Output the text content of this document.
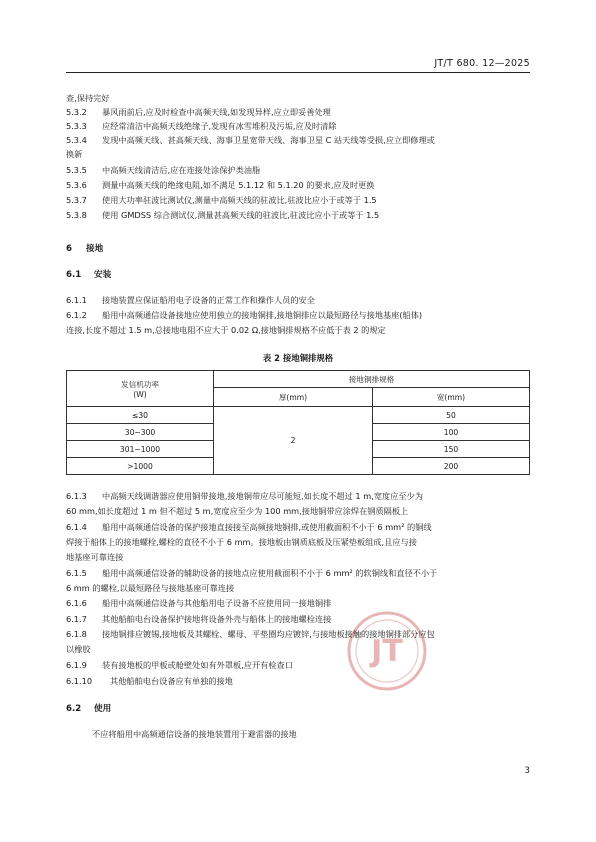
JT/T 680. 12—2025
查,保持完好
5.3.2 暴风雨前后,应及时检查中高频天线,如发现异样,应立即妥善处理
5.3.3 应经常清洁中高频天线绝缘子,发现有冰雪堆积及污垢,应及时清除
5.3.4 发现中高频天线、甚高频天线、海事卫星宽带天线、海事卫星 C 站天线等受损,应立即修理或
换新
5.3.5 中高频天线清洁后,应在连接处涂保护类油脂
5.3.6 测量中高频天线的绝缘电阻,如不满足 5.1.12 和 5.1.20 的要求,应及时更换
5.3.7 使用大功率驻波比测试仪,测量中高频天线的驻波比,驻波比应小于或等于 1.5
5.3.8 使用 GMDSS 综合测试仪,测量甚高频天线的驻波比,驻波比应小于或等于 1.5
6 接地
6.1 安装
6.1.1 接地装置应保证船用电子设备的正常工作和操作人员的安全
6.1.2 船用中高频通信设备接地应使用独立的接地铜排,接地铜排应以最短路径与接地基座(船体)
连接,长度不超过 1.5 m,总接地电阻不应大于 0.02 Ω,接地铜排规格不应低于表 2 的规定
表 2 接地铜排规格
发信机功率
(W)	接地铜排规格	
	厚(mm)	宽(mm)
≤30	2	50
30~300		100
301~1000		150
>1000		200
JT
6.1.3 中高频天线调谐器应使用铜带接地,接地铜带应尽可能短,如长度不超过 1 m,宽度应至少为
60 mm,如长度超过 1 m 但不超过 5 m,宽度应至少为 100 mm,接地铜带应涂焊在钢质隔板上
6.1.4 船用中高频通信设备的保护接地直接接至高频接地铜排,或使用截面积不小于 6 mm² 的铜线
焊接于船体上的接地螺栓,螺栓的直径不小于 6 mm。接地板由钢质底板及压紧垫板组成,且应与接
地基座可靠连接
6.1.5 船用中高频通信设备的辅助设备的接地点应使用截面积不小于 6 mm² 的软铜线和直径不小于
6 mm 的螺栓,以最短路径与接地基座可靠连接
6.1.6 船用中高频通信设备与其他船用电子设备不应使用同一接地铜排
6.1.7 其他船舶电台设备保护接地将设备外壳与船体上的接地螺栓连接
6.1.8 接地铜排应镀锡,接地板及其螺栓、螺母、平垫圈均应镀锌,与接地板接触的接地铜排部分应包
以橡胶
6.1.9 装有接地板的甲板或舱壁处如有外罩板,应开有检查口
6.1.10 其他船舶电台设备应有单独的接地
6.2 使用
不应将船用中高频通信设备的接地装置用于避雷器的接地
3
